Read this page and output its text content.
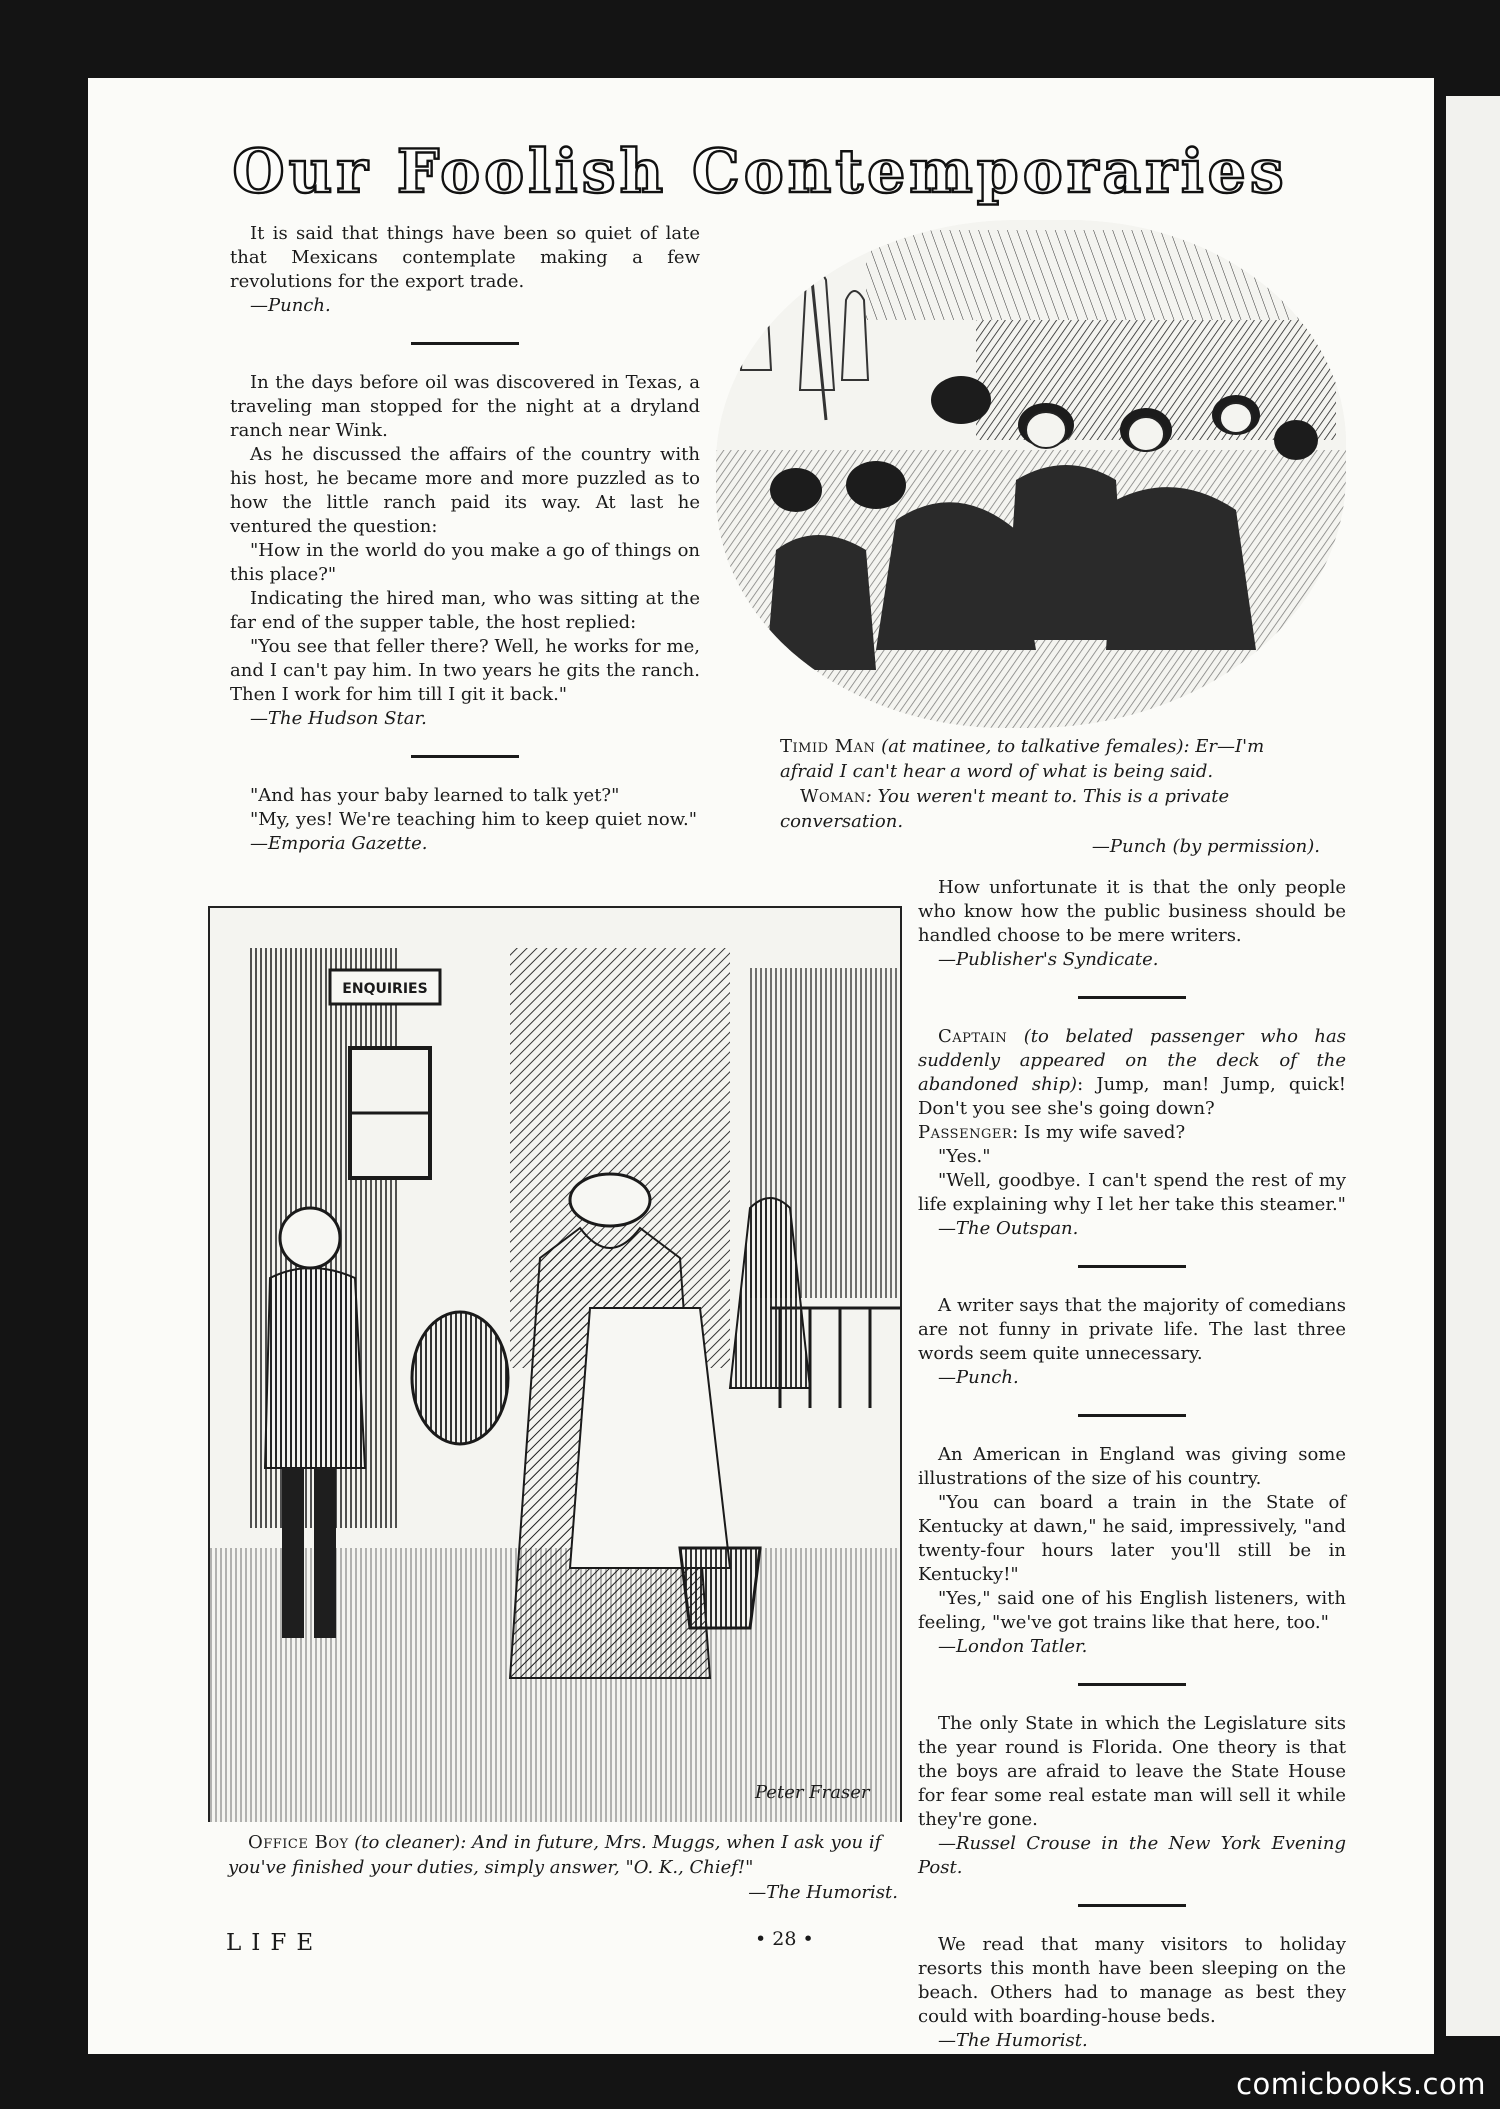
Our Foolish Contemporaries

It is said that things have been so quiet of late that Mexicans contemplate making a few revolutions for the export trade.

—Punch.

In the days before oil was discovered in Texas, a traveling man stopped for the night at a dryland ranch near Wink.

As he discussed the affairs of the country with his host, he became more and more puzzled as to how the little ranch paid its way. At last he ventured the question:

"How in the world do you make a go of things on this place?"

Indicating the hired man, who was sitting at the far end of the supper table, the host replied:

"You see that feller there? Well, he works for me, and I can't pay him. In two years he gits the ranch. Then I work for him till I git it back."

—The Hudson Star.

"And has your baby learned to talk yet?"

"My, yes! We're teaching him to keep quiet now."

—Emporia Gazette.

Timid Man (at matinee, to talkative females): Er—I'm afraid I can't hear a word of what is being said.

Woman: You weren't meant to. This is a private conversation.

—Punch (by permission).

ENQUIRIES
Peter Fraser

Office Boy (to cleaner): And in future, Mrs. Muggs, when I ask you if you've finished your duties, simply answer, "O. K., Chief!"

—The Humorist.

How unfortunate it is that the only people who know how the public business should be handled choose to be mere writers.

—Publisher's Syndicate.

Captain (to belated passenger who has suddenly appeared on the deck of the abandoned ship): Jump, man! Jump, quick! Don't you see she's going down?

Passenger: Is my wife saved?

"Yes."

"Well, goodbye. I can't spend the rest of my life explaining why I let her take this steamer."

—The Outspan.

A writer says that the majority of comedians are not funny in private life. The last three words seem quite unnecessary.

—Punch.

An American in England was giving some illustrations of the size of his country.

"You can board a train in the State of Kentucky at dawn," he said, impressively, "and twenty-four hours later you'll still be in Kentucky!"

"Yes," said one of his English listeners, with feeling, "we've got trains like that here, too."

—London Tatler.

The only State in which the Legislature sits the year round is Florida. One theory is that the boys are afraid to leave the State House for fear some real estate man will sell it while they're gone.

—Russel Crouse in the New York Evening Post.

We read that many visitors to holiday resorts this month have been sleeping on the beach. Others had to manage as best they could with boarding-house beds.

—The Humorist.

LIFE	• 28 •

comicbooks.com
